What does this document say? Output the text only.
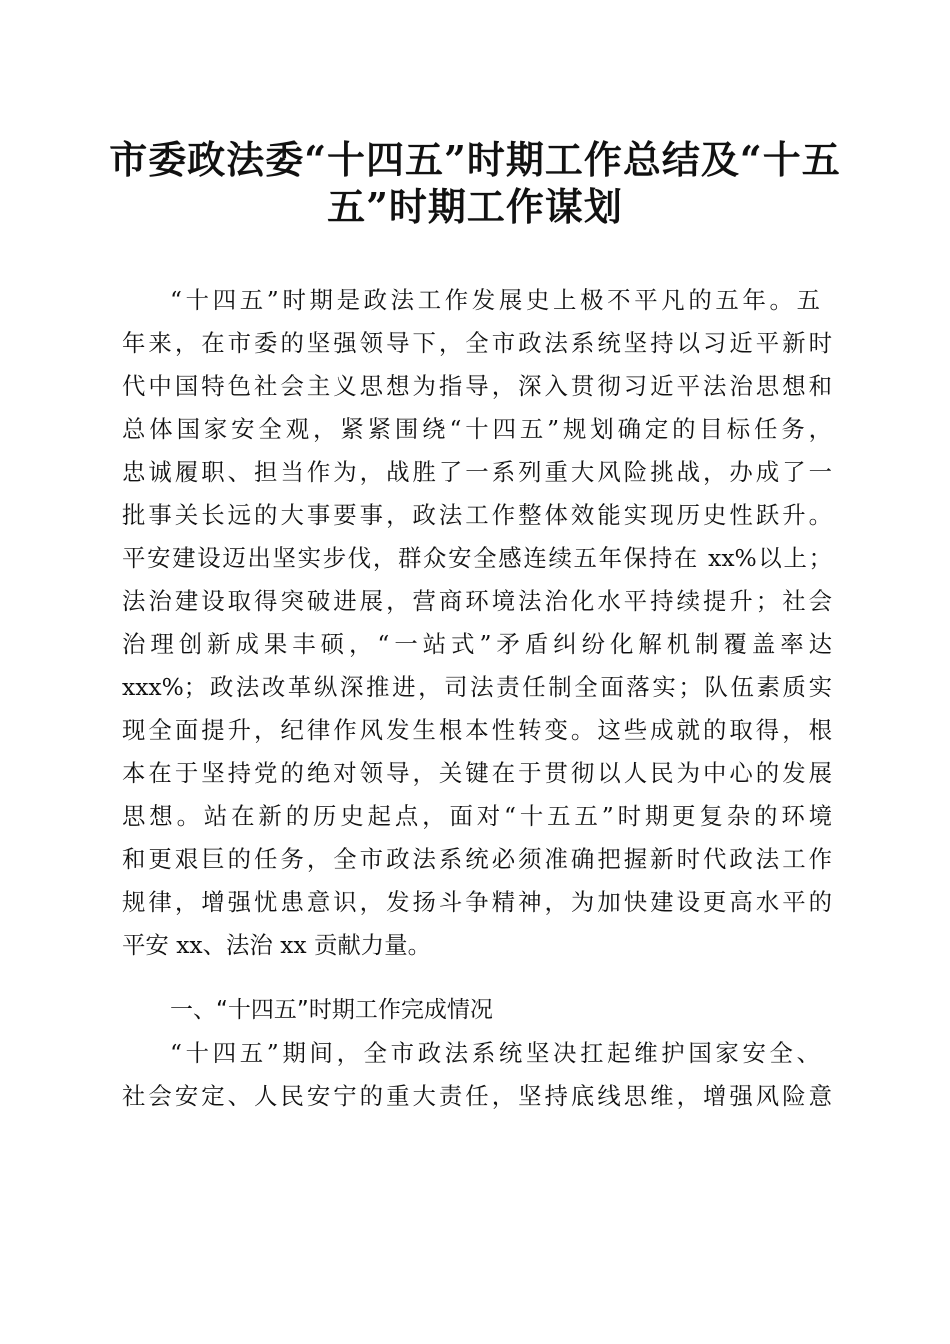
市委政法委“十四五”时期工作总结及“十五
五”时期工作谋划
“十四五”时期是政法工作发展史上极不平凡的五年。五
年来，在市委的坚强领导下，全市政法系统坚持以习近平新时
代中国特色社会主义思想为指导，深入贯彻习近平法治思想和
总体国家安全观，紧紧围绕“十四五”规划确定的目标任务，
忠诚履职、担当作为，战胜了一系列重大风险挑战，办成了一
批事关长远的大事要事，政法工作整体效能实现历史性跃升。
平安建设迈出坚实步伐，群众安全感连续五年保持在 xx%以上；
法治建设取得突破进展，营商环境法治化水平持续提升；社会
治理创新成果丰硕，“一站式”矛盾纠纷化解机制覆盖率达
xxx%；政法改革纵深推进，司法责任制全面落实；队伍素质实
现全面提升，纪律作风发生根本性转变。这些成就的取得，根
本在于坚持党的绝对领导，关键在于贯彻以人民为中心的发展
思想。站在新的历史起点，面对“十五五”时期更复杂的环境
和更艰巨的任务，全市政法系统必须准确把握新时代政法工作
规律，增强忧患意识，发扬斗争精神，为加快建设更高水平的
平安 xx、法治 xx 贡献力量。
一、“十四五”时期工作完成情况
“十四五”期间，全市政法系统坚决扛起维护国家安全、
社会安定、人民安宁的重大责任，坚持底线思维，增强风险意
